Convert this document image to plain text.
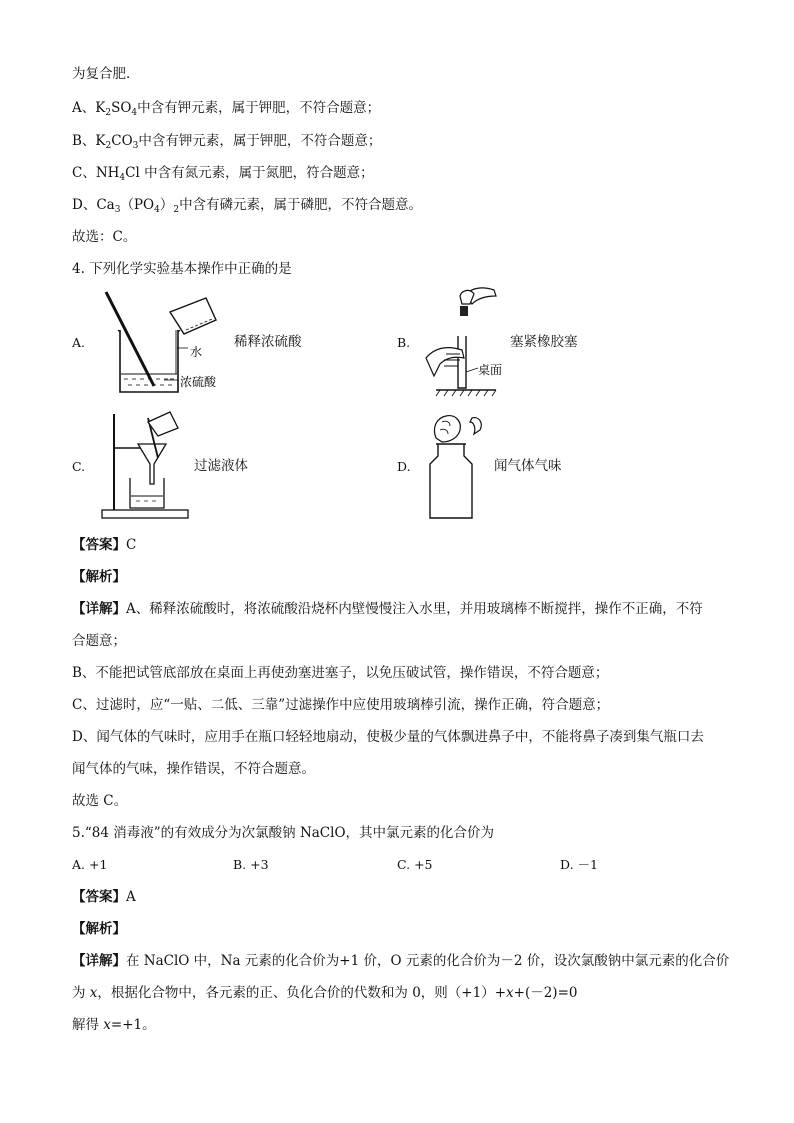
为复合肥．
A、$K_2SO_4$中含有钾元素，属于钾肥，不符合题意；
B、$K_2CO_3$中含有钾元素，属于钾肥，不符合题意；
C、$NH_4Cl$ 中含有氮元素，属于氮肥，符合题意；
D、$Ca_3(PO_4)_2$中含有磷元素，属于磷肥，不符合题意。
故选：C。
4. 下列化学实验基本操作中正确的是
A.
水
浓硫酸
稀释浓硫酸	B.
桌面
塞紧橡胶塞
C.	过滤液体	D.	闻气体气味
【答案】C
【解析】
【详解】A、稀释浓硫酸时，将浓硫酸沿烧杯内壁慢慢注入水里，并用玻璃棒不断搅拌，操作不正确，不符
合题意；
B、不能把试管底部放在桌面上再使劲塞进塞子，以免压破试管，操作错误，不符合题意；
C、过滤时，应“一贴、二低、三靠”过滤操作中应使用玻璃棒引流，操作正确，符合题意；
D、闻气体的气味时，应用手在瓶口轻轻地扇动，使极少量的气体飘进鼻子中，不能将鼻子凑到集气瓶口去
闻气体的气味，操作错误，不符合题意。
故选 C。
5.“84 消毒液”的有效成分为次氯酸钠 NaClO，其中氯元素的化合价为
A. +1	B. +3	C. +5	D. －1
【答案】A
【解析】
【详解】在 NaClO 中，Na 元素的化合价为+1 价，O 元素的化合价为－2 价，设次氯酸钠中氯元素的化合价
为 x，根据化合物中，各元素的正、负化合价的代数和为 0，则（+1）+x+(－2)=0
解得 x=+1。
